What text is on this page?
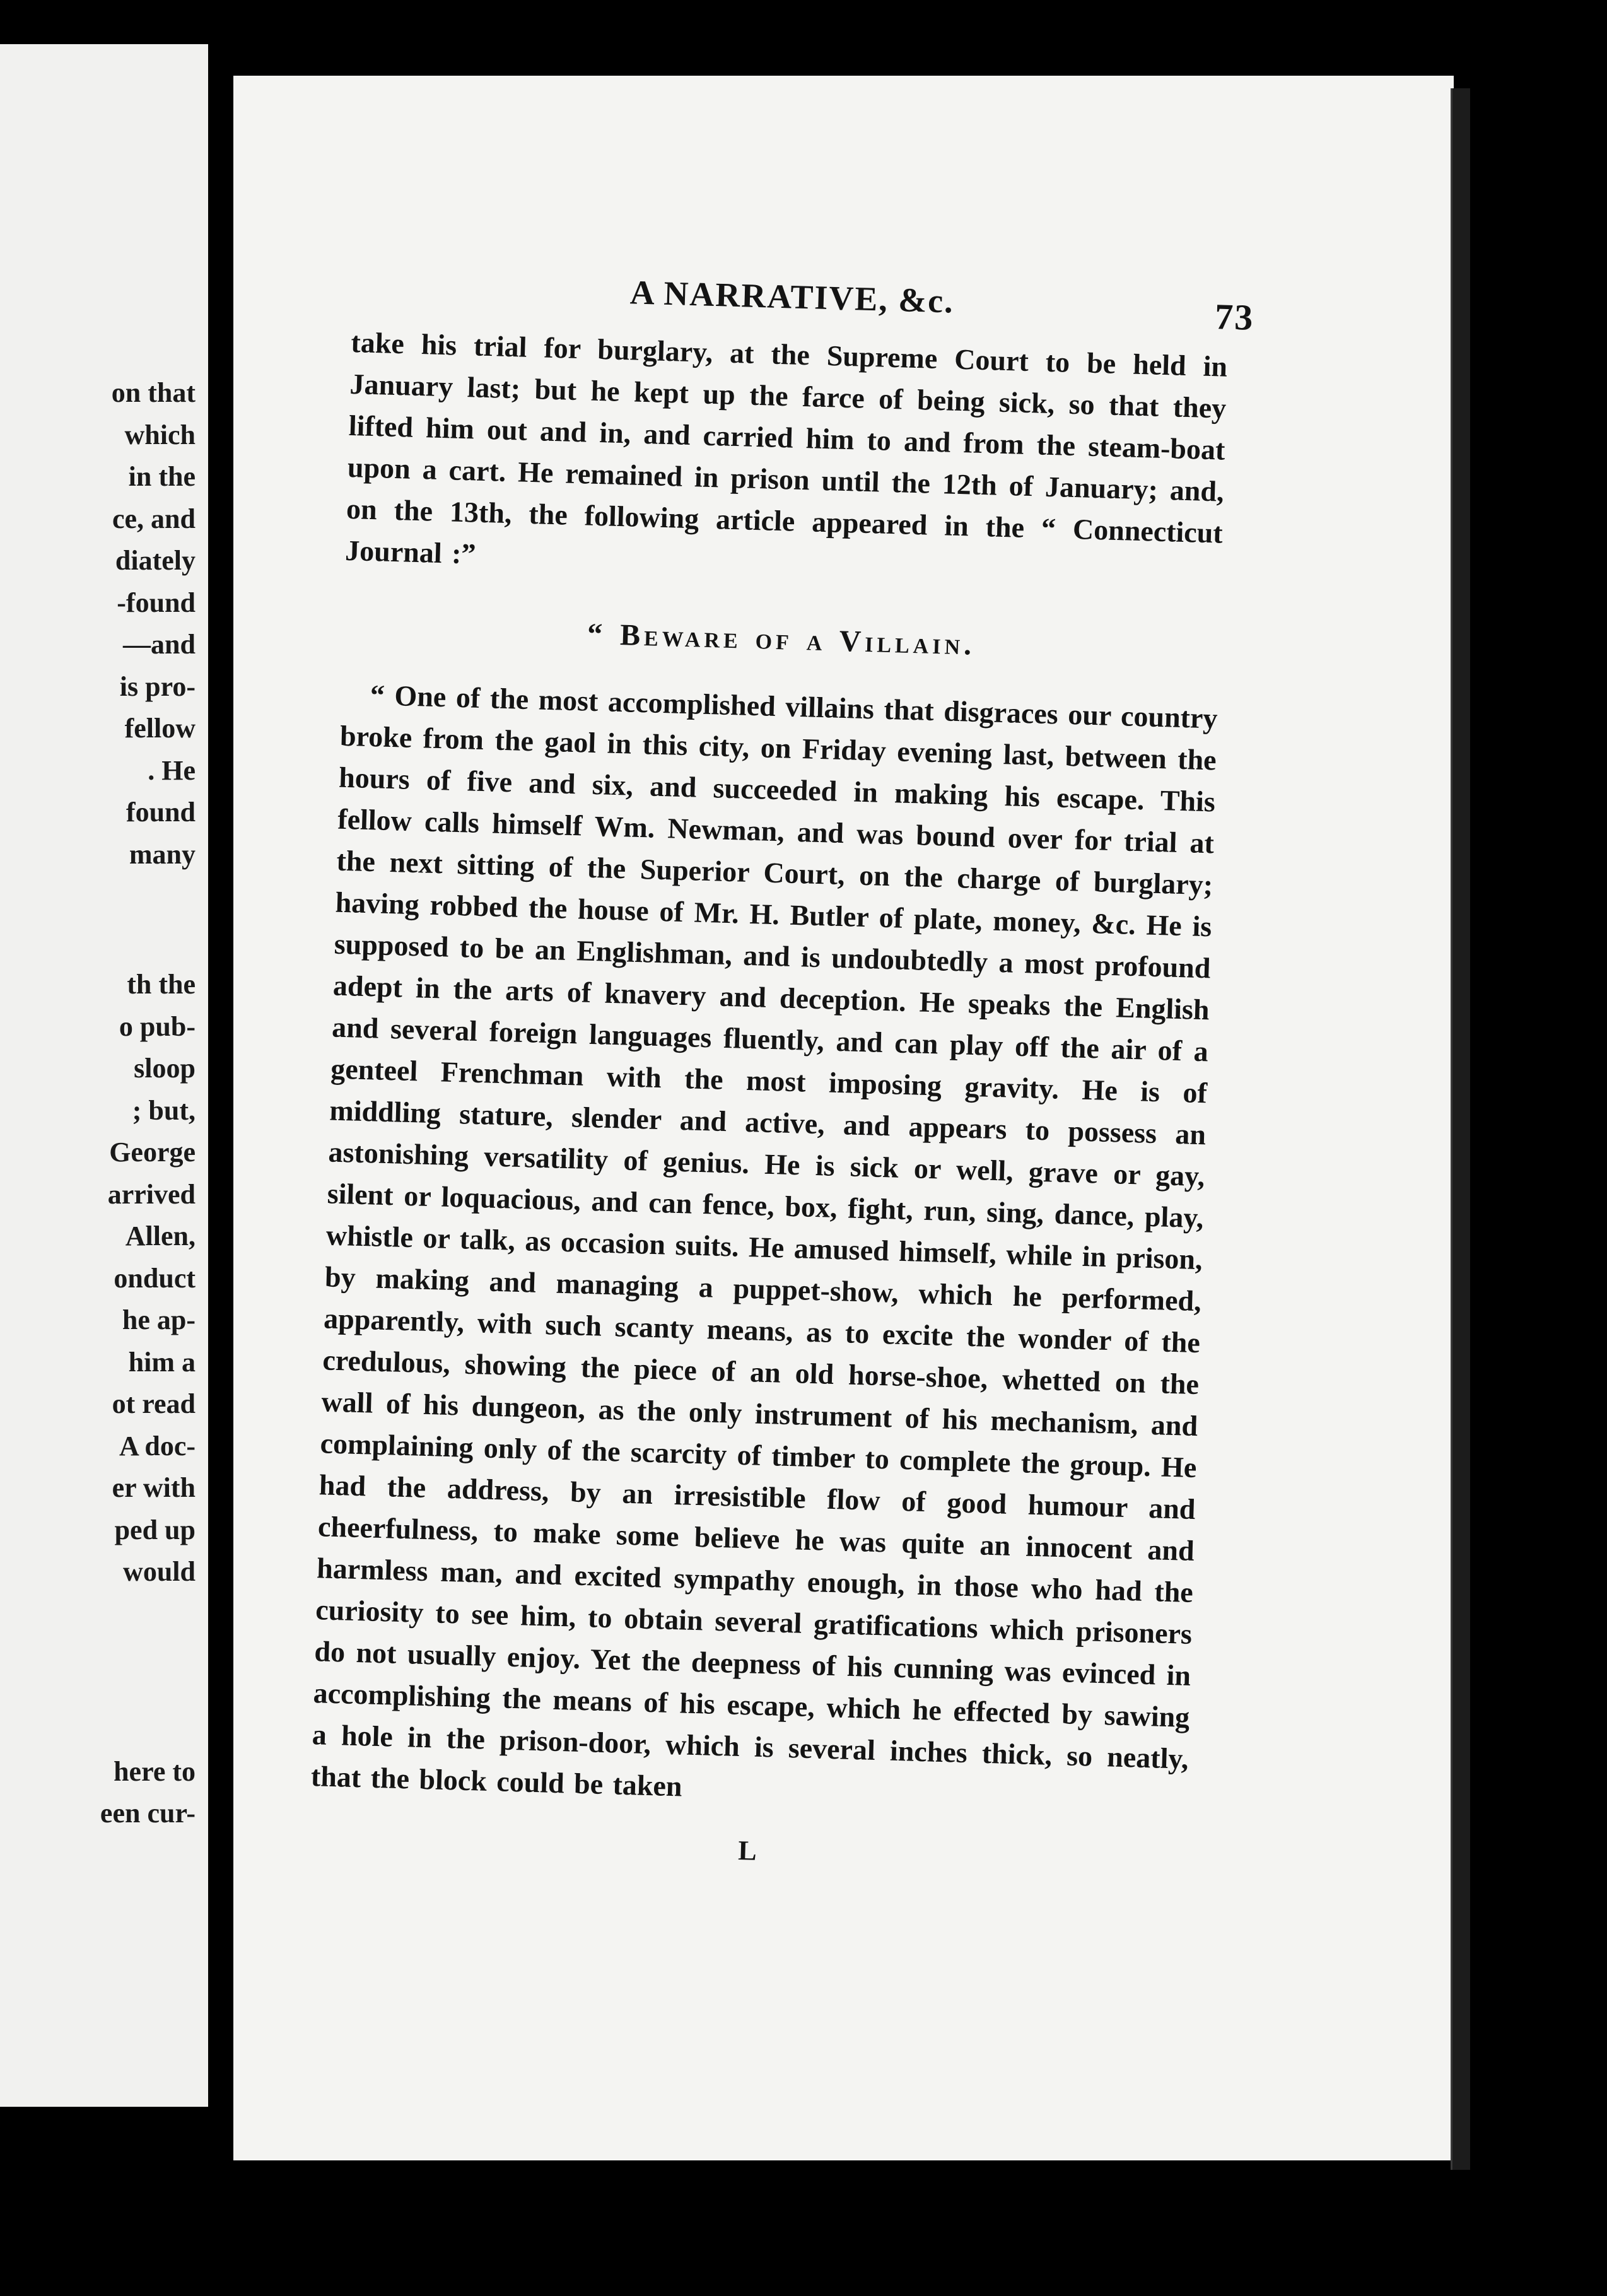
on that
which
in the
ce, and
diately
-found
—and
is pro-
fellow
. He
found
many
th the
o pub-
sloop
; but,
George
arrived
Allen,
onduct
he ap-
him a
ot read
A doc-
er with
ped up
would
here to
een cur-
A NARRATIVE, &c.	73

take his trial for burglary, at the Supreme Court to be held in January last; but he kept up the farce of being sick, so that they lifted him out and in, and carried him to and from the steam-boat upon a cart. He remained in prison until the 12th of January; and, on the 13th, the following article appeared in the “ Connecticut Journal :”

“ Beware of a Villain.

“ One of the most accomplished villains that disgraces our country broke from the gaol in this city, on Friday evening last, between the hours of five and six, and succeeded in making his escape. This fellow calls himself Wm. Newman, and was bound over for trial at the next sitting of the Superior Court, on the charge of burglary; having robbed the house of Mr. H. Butler of plate, money, &c. He is supposed to be an Englishman, and is undoubtedly a most profound adept in the arts of knavery and deception. He speaks the English and several foreign languages fluently, and can play off the air of a genteel Frenchman with the most imposing gravity. He is of middling stature, slender and active, and appears to possess an astonishing versatility of genius. He is sick or well, grave or gay, silent or loquacious, and can fence, box, fight, run, sing, dance, play, whistle or talk, as occasion suits. He amused himself, while in prison, by making and managing a puppet-show, which he performed, apparently, with such scanty means, as to excite the wonder of the credulous, showing the piece of an old horse-shoe, whetted on the wall of his dungeon, as the only instrument of his mechanism, and complaining only of the scarcity of timber to complete the group. He had the address, by an irresistible flow of good humour and cheerfulness, to make some believe he was quite an innocent and harmless man, and excited sympathy enough, in those who had the curiosity to see him, to obtain several gratifications which prisoners do not usually enjoy. Yet the deepness of his cunning was evinced in accomplishing the means of his escape, which he effected by sawing a hole in the prison-door, which is several inches thick, so neatly, that the block could be taken

L
